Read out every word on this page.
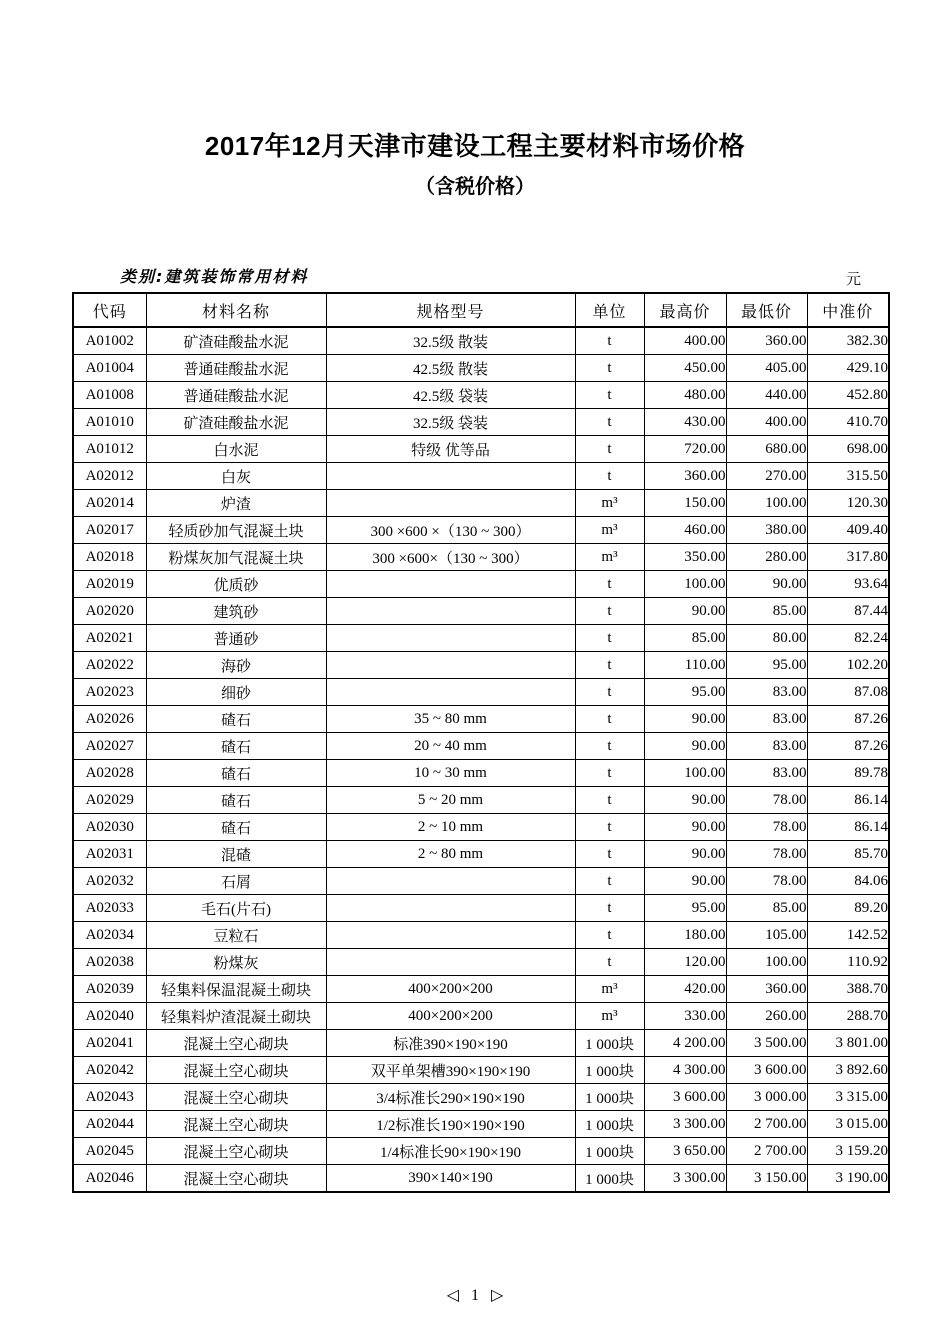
2017年12月天津市建设工程主要材料市场价格
（含税价格）
类别:建筑装饰常用材料	元
代码	材料名称	规格型号	单位	最高价	最低价	中准价
A01002	矿渣硅酸盐水泥	32.5级 散装	t	400.00	360.00	382.30
A01004	普通硅酸盐水泥	42.5级 散装	t	450.00	405.00	429.10
A01008	普通硅酸盐水泥	42.5级 袋装	t	480.00	440.00	452.80
A01010	矿渣硅酸盐水泥	32.5级 袋装	t	430.00	400.00	410.70
A01012	白水泥	特级 优等品	t	720.00	680.00	698.00
A02012	白灰		t	360.00	270.00	315.50
A02014	炉渣		m³	150.00	100.00	120.30
A02017	轻质砂加气混凝土块	300 ×600 ×（130 ~ 300）	m³	460.00	380.00	409.40
A02018	粉煤灰加气混凝土块	300 ×600×（130 ~ 300）	m³	350.00	280.00	317.80
A02019	优质砂		t	100.00	90.00	93.64
A02020	建筑砂		t	90.00	85.00	87.44
A02021	普通砂		t	85.00	80.00	82.24
A02022	海砂		t	110.00	95.00	102.20
A02023	细砂		t	95.00	83.00	87.08
A02026	碴石	35 ~ 80 mm	t	90.00	83.00	87.26
A02027	碴石	20 ~ 40 mm	t	90.00	83.00	87.26
A02028	碴石	10 ~ 30 mm	t	100.00	83.00	89.78
A02029	碴石	5 ~ 20 mm	t	90.00	78.00	86.14
A02030	碴石	2 ~ 10 mm	t	90.00	78.00	86.14
A02031	混碴	2 ~ 80 mm	t	90.00	78.00	85.70
A02032	石屑		t	90.00	78.00	84.06
A02033	毛石(片石)		t	95.00	85.00	89.20
A02034	豆粒石		t	180.00	105.00	142.52
A02038	粉煤灰		t	120.00	100.00	110.92
A02039	轻集料保温混凝土砌块	400×200×200	m³	420.00	360.00	388.70
A02040	轻集料炉渣混凝土砌块	400×200×200	m³	330.00	260.00	288.70
A02041	混凝土空心砌块	标准390×190×190	1 000块	4 200.00	3 500.00	3 801.00
A02042	混凝土空心砌块	双平单架槽390×190×190	1 000块	4 300.00	3 600.00	3 892.60
A02043	混凝土空心砌块	3/4标准长290×190×190	1 000块	3 600.00	3 000.00	3 315.00
A02044	混凝土空心砌块	1/2标准长190×190×190	1 000块	3 300.00	2 700.00	3 015.00
A02045	混凝土空心砌块	1/4标准长90×190×190	1 000块	3 650.00	2 700.00	3 159.20
A02046	混凝土空心砌块	390×140×190	1 000块	3 300.00	3 150.00	3 190.00
◁ 1 ▷
